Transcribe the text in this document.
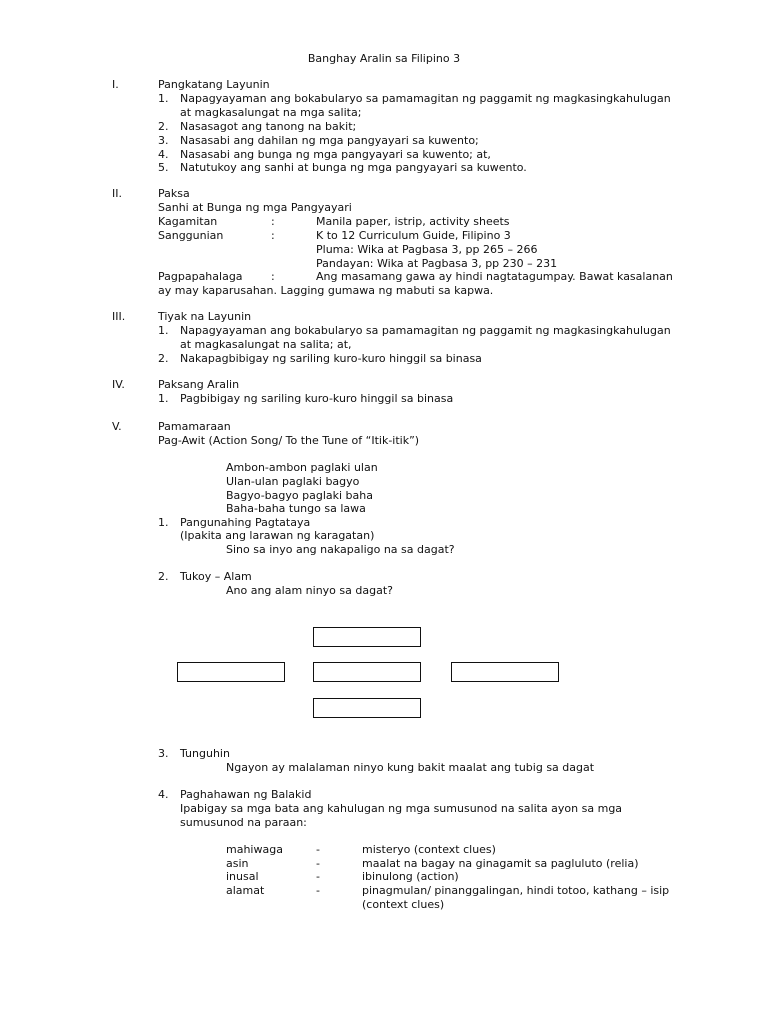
Banghay Aralin sa Filipino 3
I.	Pangkatang Layunin
1. Napagyayaman ang bokabularyo sa pamamagitan ng paggamit ng magkasingkahulugan
at magkasalungat na mga salita;
2. Nasasagot ang tanong na bakit;
3. Nasasabi ang dahilan ng mga pangyayari sa kuwento;
4. Nasasabi ang bunga ng mga pangyayari sa kuwento; at,
5. Natutukoy ang sanhi at bunga ng mga pangyayari sa kuwento.
II.	Paksa
Sanhi at Bunga ng mga Pangyayari
Kagamitan	:	Manila paper, istrip, activity sheets
Sanggunian	:	K to 12 Curriculum Guide, Filipino 3
Pluma: Wika at Pagbasa 3, pp 265 – 266
Pandayan: Wika at Pagbasa 3, pp 230 – 231
Pagpapahalaga	:	Ang masamang gawa ay hindi nagtatagumpay. Bawat kasalanan
ay may kaparusahan. Lagging gumawa ng mabuti sa kapwa.
III.	Tiyak na Layunin
1. Napagyayaman ang bokabularyo sa pamamagitan ng paggamit ng magkasingkahulugan
at magkasalungat na salita; at,
2. Nakapagbibigay ng sariling kuro-kuro hinggil sa binasa
IV.	Paksang Aralin
1. Pagbibigay ng sariling kuro-kuro hinggil sa binasa
V.	Pamamaraan
Pag-Awit (Action Song/ To the Tune of “Itik-itik”)
Ambon-ambon paglaki ulan
Ulan-ulan paglaki bagyo
Bagyo-bagyo paglaki baha
Baha-baha tungo sa lawa
1. Pangunahing Pagtataya
(Ipakita ang larawan ng karagatan)
Sino sa inyo ang nakapaligo na sa dagat?
2. Tukoy – Alam
Ano ang alam ninyo sa dagat?
3. Tunguhin
Ngayon ay malalaman ninyo kung bakit maalat ang tubig sa dagat
4. Paghahawan ng Balakid
Ipabigay sa mga bata ang kahulugan ng mga sumusunod na salita ayon sa mga
sumusunod na paraan:
mahiwaga	-	misteryo (context clues)
asin	-	maalat na bagay na ginagamit sa pagluluto (relia)
inusal	-	ibinulong (action)
alamat	-	pinagmulan/ pinanggalingan, hindi totoo, kathang – isip
(context clues)
